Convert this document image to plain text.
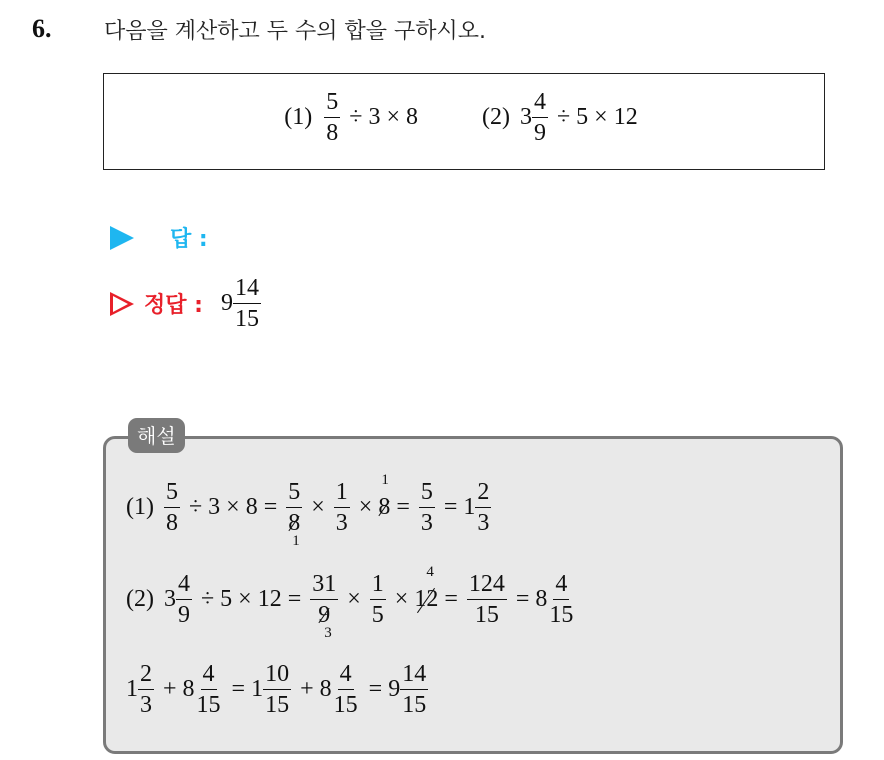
6. 다음을 계산하고 두 수의 합을 구하시오.
$(1) \frac{5}{8} \div 3 \times 8$	(2) $3 \frac{4}{9} \div 5 \times 12$
답 :
정답 : $9 \frac{14}{15}$
해설
$(1) \frac{5}{8} \div 3 \times 8 = 5$
8
$1 \times \frac{1}{3}$ ×
1
$8 = \frac{5}{3} = 1 \frac{2}{3}$
(2) $3 \frac{4}{9} \div 5 \times 12 = 31$
9
$3 \times \frac{1}{5}$ ×
4
$12 = \frac{124}{15} = 8 \frac{4}{15}$
$1 \frac{2}{3} + 8 \frac{4}{15} = 1 \frac{10}{15} + 8 \frac{4}{15} = 9 \frac{14}{15}$
